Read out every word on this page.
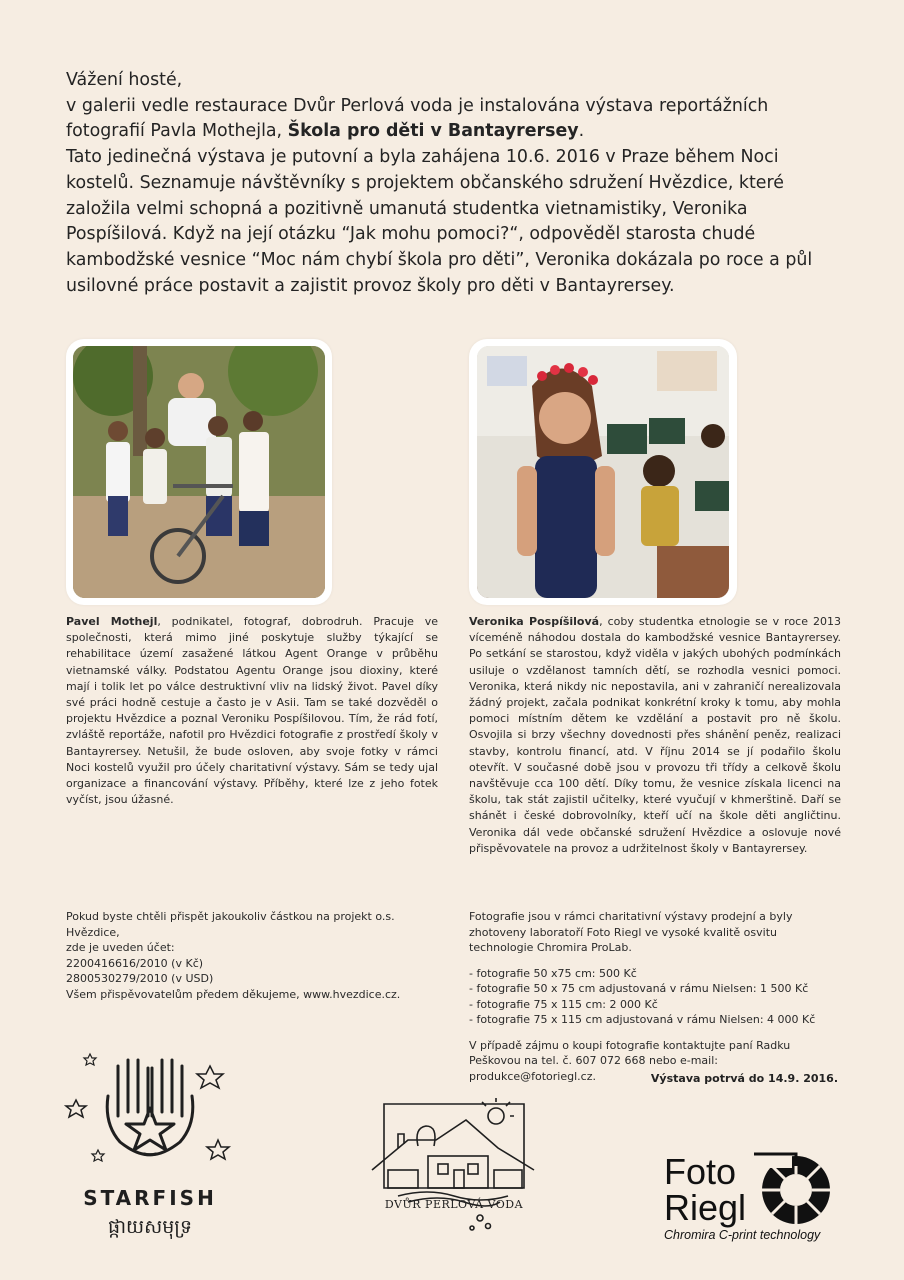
Vážení hosté,

v galerii vedle restaurace Dvůr Perlová voda je instalována výstava reportážních fotografií Pavla Mothejla, Škola pro děti v Bantayrersey.

Tato jedinečná výstava je putovní a byla zahájena 10.6. 2016 v Praze během Noci kostelů. Seznamuje návštěvníky s projektem občanského sdružení Hvězdice, které založila velmi schopná a pozitivně umanutá studentka vietnamistiky, Veronika Pospíšilová. Když na její otázku “Jak mohu pomoci?“, odpověděl starosta chudé kambodžské vesnice “Moc nám chybí škola pro děti”, Veronika dokázala po roce a půl usilovné práce postavit a zajistit provoz školy pro děti v Bantayrersey.

Pavel Mothejl, podnikatel, fotograf, dobrodruh. Pracuje ve společnosti, která mimo jiné poskytuje služby týkající se rehabilitace území zasažené látkou Agent Orange v průběhu vietnamské války. Podstatou Agentu Orange jsou dioxiny, které mají i tolik let po válce destruktivní vliv na lidský život. Pavel díky své práci hodně cestuje a často je v Asii. Tam se také dozvěděl o projektu Hvězdice a poznal Veroniku Pospíšilovou. Tím, že rád fotí, zvláště reportáže, nafotil pro Hvězdici fotografie z prostředí školy v Bantayrersey. Netušil, že bude osloven, aby svoje fotky v rámci Noci kostelů využil pro účely charitativní výstavy. Sám se tedy ujal organizace a financování výstavy. Příběhy, které lze z jeho fotek vyčíst, jsou úžasné.
Veronika Pospíšilová, coby studentka etnologie se v roce 2013 víceméně náhodou dostala do kambodžské vesnice Bantayrersey. Po setkání se starostou, když viděla v jakých ubohých podmínkách usiluje o vzdělanost tamních dětí, se rozhodla vesnici pomoci. Veronika, která nikdy nic nepostavila, ani v zahraničí nerealizovala žádný projekt, začala podnikat konkrétní kroky k tomu, aby mohla pomoci místním dětem ke vzdělání a postavit pro ně školu. Osvojila si brzy všechny dovednosti přes shánění peněz, realizaci stavby, kontrolu financí, atd. V říjnu 2014 se jí podařilo školu otevřít. V současné době jsou v provozu tři třídy a celkově školu navštěvuje cca 100 dětí. Díky tomu, že vesnice získala licenci na školu, tak stát zajistil učitelky, které vyučují v khmerštině. Daří se shánět i české dobrovolníky, kteří učí na škole děti angličtinu. Veronika dál vede občanské sdružení Hvězdice a oslovuje nové přispěvovatele na provoz a udržitelnost školy v Bantayrersey.

Pokud byste chtěli přispět jakoukoliv částkou na projekt o.s. Hvězdice,

zde je uveden účet:

2200416616/2010 (v Kč)

2800530279/2010 (v USD)

Všem přispěvovatelům předem děkujeme, www.hvezdice.cz.

Fotografie jsou v rámci charitativní výstavy prodejní a byly zhotoveny laboratoří Foto Riegl ve vysoké kvalitě osvitu technologie Chromira ProLab.

- fotografie 50 x75 cm: 500 Kč
- fotografie 50 x 75 cm adjustovaná v rámu Nielsen: 1 500 Kč
- fotografie 75 x 115 cm: 2 000 Kč
- fotografie 75 x 115 cm adjustovaná v rámu Nielsen: 4 000 Kč

V případě zájmu o koupi fotografie kontaktujte paní Radku Peškovou na tel. č. 607 072 668 nebo e-mail: produkce@fotoriegl.cz.	Výstava potrvá do 14.9. 2016.
STARFISH
ផ្កាយសមុទ្រ
DVŮR PERLOVÁ VODA
Foto
Riegl
Chromira C-print technology
